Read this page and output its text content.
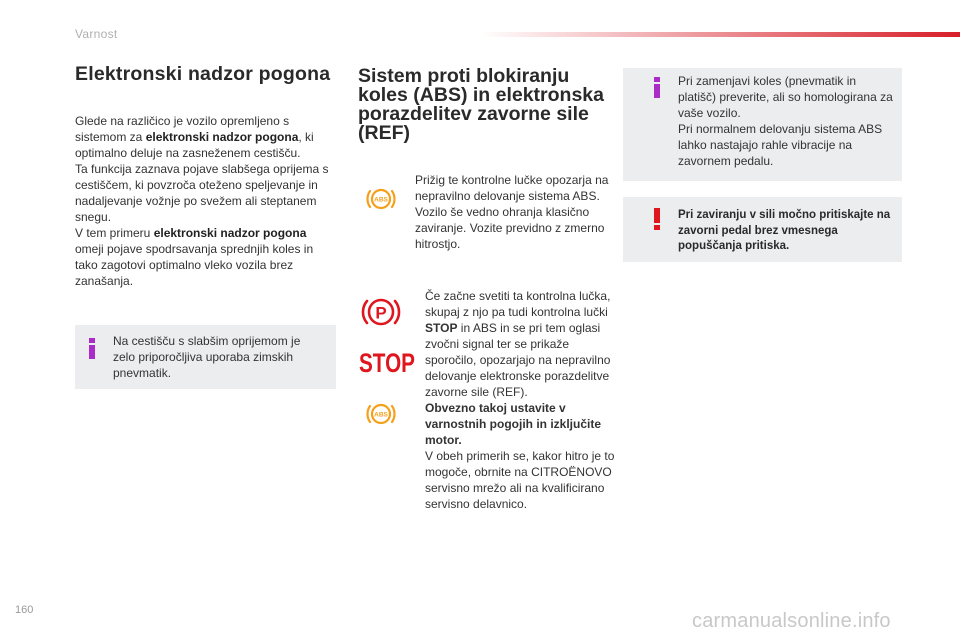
Varnost
Elektronski nadzor pogona
Glede na različico je vozilo opremljeno s sistemom za elektronski nadzor pogona, ki optimalno deluje na zasneženem cestišču.
Ta funkcija zaznava pojave slabšega oprijema s cestiščem, ki povzroča oteženo speljevanje in nadaljevanje vožnje po svežem ali steptanem snegu.
V tem primeru elektronski nadzor pogona omeji pojave spodrsavanja sprednjih koles in tako zagotovi optimalno vleko vozila brez zanašanja.
Na cestišču s slabšim oprijemom je zelo priporočljiva uporaba zimskih pnevmatik.
Sistem proti blokiranju koles (ABS) in elektronska porazdelitev zavorne sile (REF)
ABS
Prižig te kontrolne lučke opozarja na nepravilno delovanje sistema ABS. Vozilo še vedno ohranja klasično zaviranje. Vozite previdno z zmerno hitrostjo.
P
STOP
ABS
Če začne svetiti ta kontrolna lučka, skupaj z njo pa tudi kontrolna lučki STOP in ABS in se pri tem oglasi zvočni signal ter se prikaže sporočilo, opozarjajo na nepravilno delovanje elektronske porazdelitve zavorne sile (REF).
Obvezno takoj ustavite v varnostnih pogojih in izključite motor.
V obeh primerih se, kakor hitro je to mogoče, obrnite na CITROËNOVO servisno mrežo ali na kvalificirano servisno delavnico.
Pri zamenjavi koles (pnevmatik in platišč) preverite, ali so homologirana za vaše vozilo.
Pri normalnem delovanju sistema ABS lahko nastajajo rahle vibracije na zavornem pedalu.
Pri zaviranju v sili močno pritiskajte na zavorni pedal brez vmesnega popuščanja pritiska.
160	carmanualsonline.info
